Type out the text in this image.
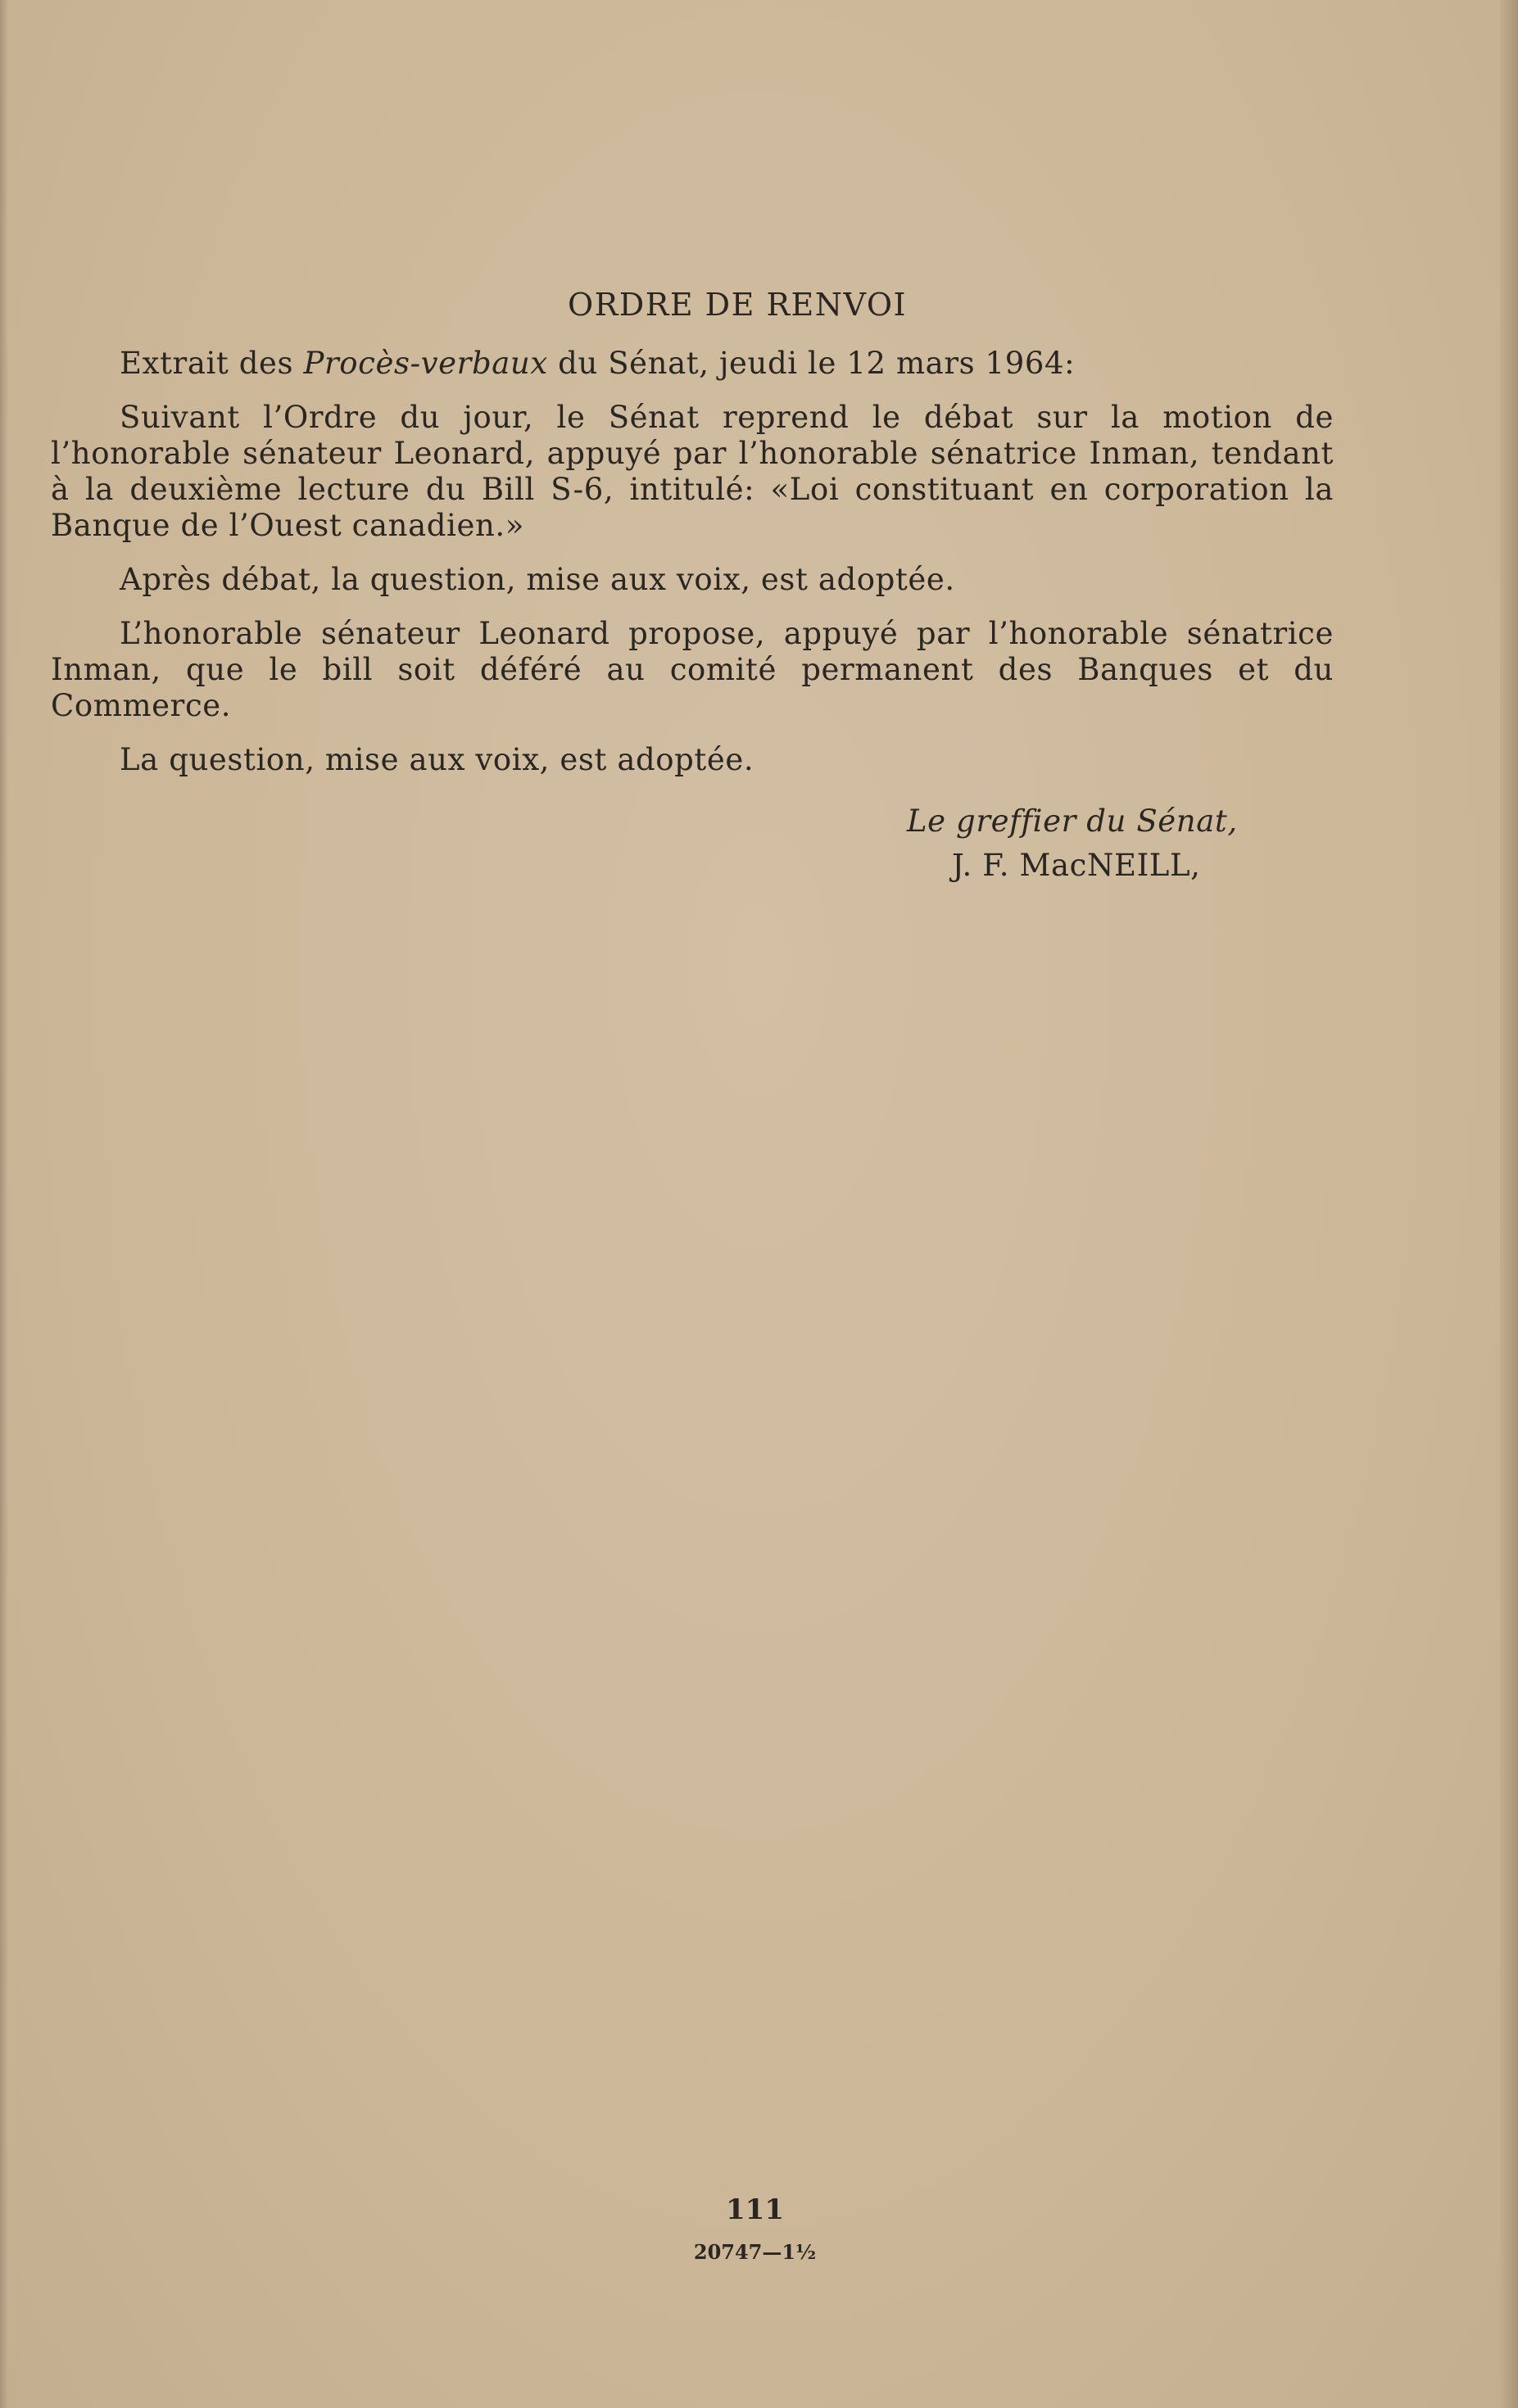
ORDRE DE RENVOI

Extrait des Procès-verbaux du Sénat, jeudi le 12 mars 1964:

Suivant l’Ordre du jour, le Sénat reprend le débat sur la motion de l’honorable sénateur Leonard, appuyé par l’honorable sénatrice Inman, tendant à la deuxième lecture du Bill S-6, intitulé: «Loi constituant en corporation la Banque de l’Ouest canadien.»

Après débat, la question, mise aux voix, est adoptée.

L’honorable sénateur Leonard propose, appuyé par l’honorable sénatrice Inman, que le bill soit déféré au comité permanent des Banques et du Commerce.

La question, mise aux voix, est adoptée.

Le greffier du Sénat,
J. F. MacNEILL,
111
20747—1½
